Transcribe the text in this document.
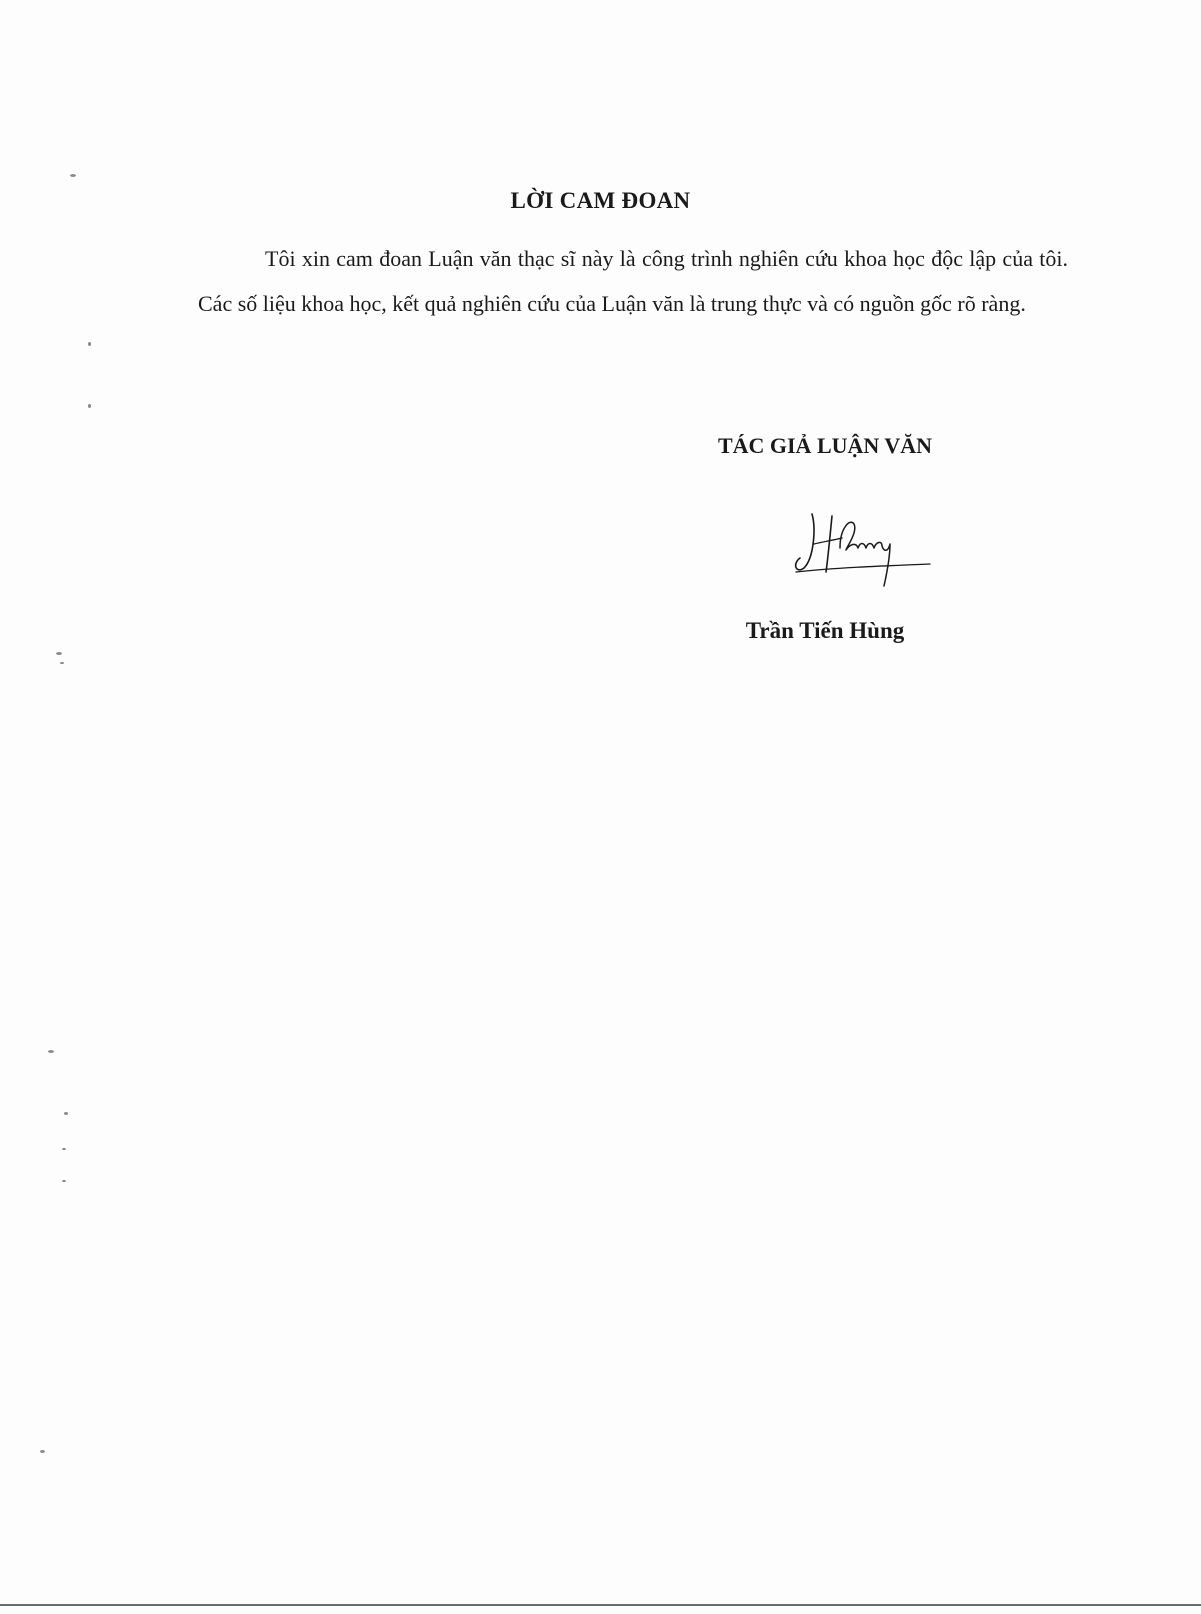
LỜI CAM ĐOAN

Tôi xin cam đoan Luận văn thạc sĩ này là công trình nghiên cứu khoa học độc lập của tôi. Các số liệu khoa học, kết quả nghiên cứu của Luận văn là trung thực và có nguồn gốc rõ ràng.

TÁC GIẢ LUẬN VĂN
Trần Tiến Hùng
